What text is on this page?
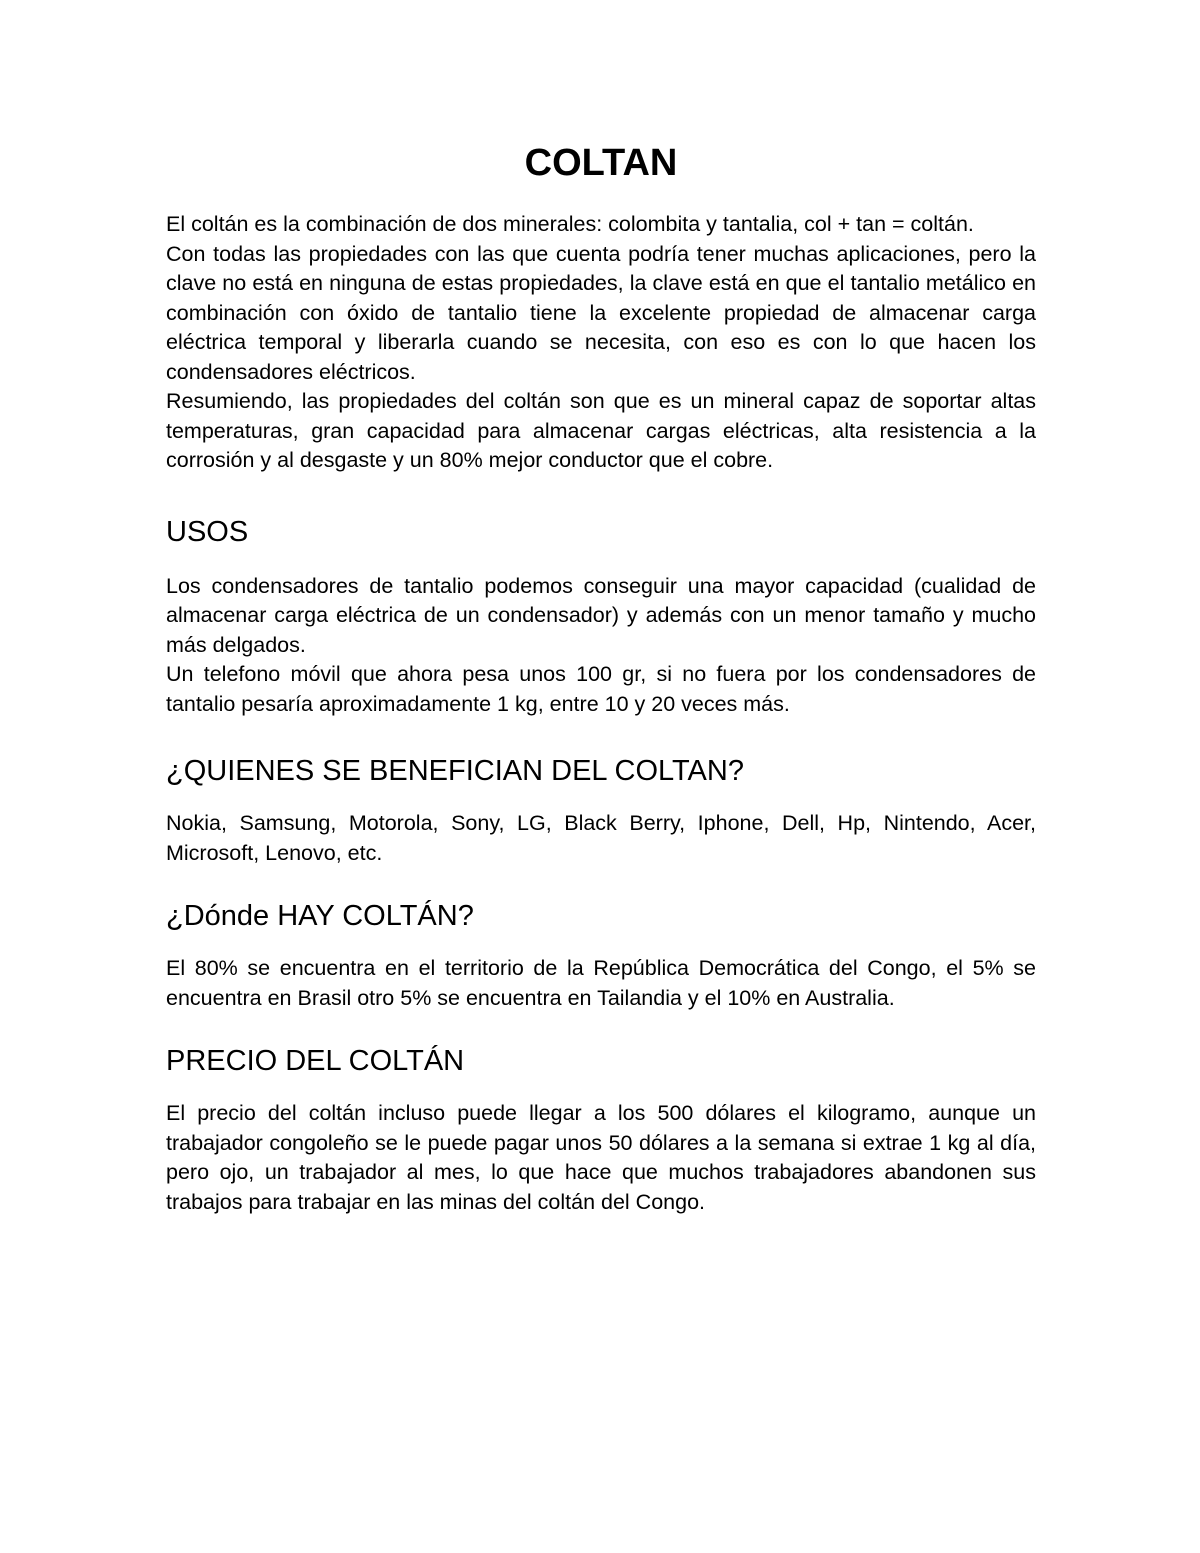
COLTAN

El coltán es la combinación de dos minerales: colombita y tantalia, col + tan = coltán.

Con todas las propiedades con las que cuenta podría tener muchas aplicaciones, pero la clave no está en ninguna de estas propiedades, la clave está en que el tantalio metálico en combinación con óxido de tantalio tiene la excelente propiedad de almacenar carga eléctrica temporal y liberarla cuando se necesita, con eso es con lo que hacen los condensadores eléctricos.

Resumiendo, las propiedades del coltán son que es un mineral capaz de soportar altas temperaturas, gran capacidad para almacenar cargas eléctricas, alta resistencia a la corrosión y al desgaste y un 80% mejor conductor que el cobre.

USOS

Los condensadores de tantalio podemos conseguir una mayor capacidad (cualidad de almacenar carga eléctrica de un condensador) y además con un menor tamaño y mucho más delgados.

Un telefono móvil que ahora pesa unos 100 gr, si no fuera por los condensadores de tantalio pesaría aproximadamente 1 kg, entre 10 y 20 veces más.

¿QUIENES SE BENEFICIAN DEL COLTAN?

Nokia, Samsung, Motorola, Sony, LG, Black Berry, Iphone, Dell, Hp, Nintendo, Acer, Microsoft, Lenovo, etc.

¿Dónde HAY COLTÁN?

El 80% se encuentra en el territorio de la República Democrática del Congo, el 5% se encuentra en Brasil otro 5% se encuentra en Tailandia y el 10% en Australia.

PRECIO DEL COLTÁN

El precio del coltán incluso puede llegar a los 500 dólares el kilogramo, aunque un trabajador congoleño se le puede pagar unos 50 dólares a la semana si extrae 1 kg al día, pero ojo, un trabajador al mes, lo que hace que muchos trabajadores abandonen sus trabajos para trabajar en las minas del coltán del Congo.
